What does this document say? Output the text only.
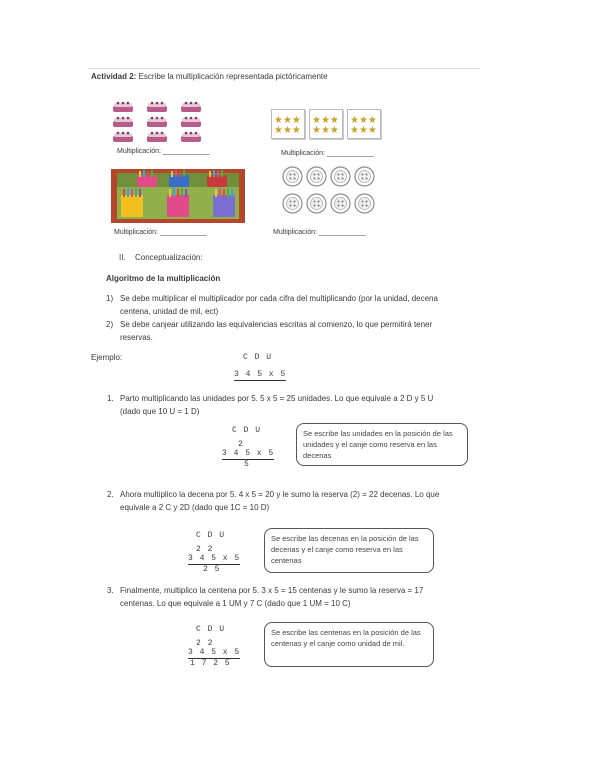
Actividad 2: Escribe la multiplicación representada pictóricamente
Multiplicación: ____________
★★★
★★★
★★★
★★★
★★★
★★★
Multiplicación: ____________
Multiplicación: ____________	Multiplicación: ____________
II. Conceptualización:
Algoritmo de la multiplicación
1) Se debe multiplicar el multiplicador por cada cifra del multiplicando (por la unidad, decena
centena, unidad de mil, ect)
2) Se debe canjear utilizando las equivalencias escritas al comienzo, lo que permitirá tener
reservas.
Ejemplo:	C D U
3 4 5 x 5
1. Parto multiplicando las unidades por 5. 5 x 5 = 25 unidades. Lo que equivale a 2 D y 5 U
(dado que 10 U = 1 D)
C D U
2
3 4 5 x 5
5
Se escribe las unidades en la posición de las unidades y el canje como reserva en las decenas
2. Ahora multiplico la decena por 5. 4 x 5 = 20 y le sumo la reserva (2) = 22 decenas. Lo que
equivale a 2 C y 2D (dado que 1C = 10 D)
C D U
2 2
3 4 5 x 5
2 5
Se escribe las decenas en la posición de las decenas y el canje como reserva en las centenas
3. Finalmente, multiplico la centena por 5. 3 x 5 = 15 centenas y le sumo la reserva = 17
centenas. Lo que equivale a 1 UM y 7 C (dado que 1 UM = 10 C)
C D U
2 2
3 4 5 x 5
1 7 2 5
Se escribe las centenas en la posición de las centenas y el canje como unidad de mil.
